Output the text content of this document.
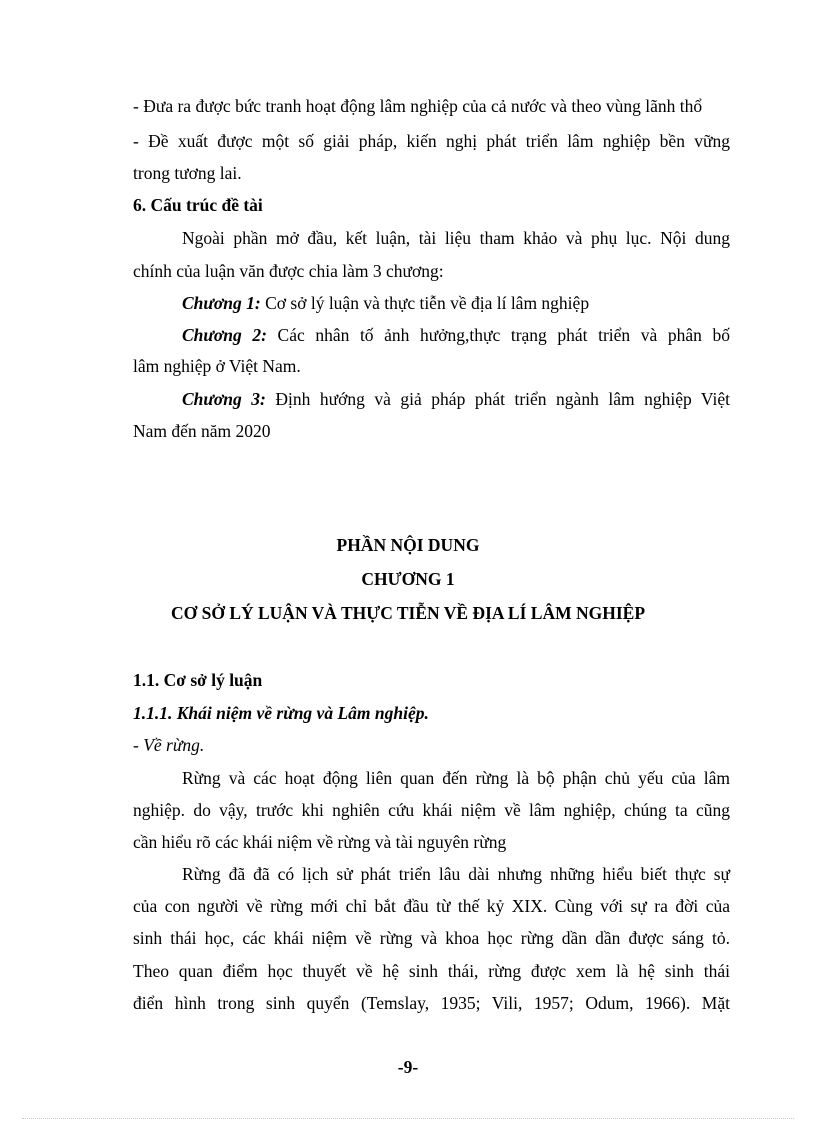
- Đưa ra được bức tranh hoạt động lâm nghiệp của cả nước và theo vùng lãnh thổ
- Đề xuất được một số giải pháp, kiến nghị phát triển lâm nghiệp bền vững
trong tương lai.
6. Cấu trúc đề tài
Ngoài phần mở đầu, kết luận, tài liệu tham khảo và phụ lục. Nội dung
chính của luận văn được chia làm 3 chương:
Chương 1: Cơ sở lý luận và thực tiễn về địa lí lâm nghiệp
Chương 2: Các nhân tố ảnh hưởng,thực trạng phát triển và phân bố
lâm nghiệp ở Việt Nam.
Chương 3: Định hướng và giả pháp phát triển ngành lâm nghiệp Việt
Nam đến năm 2020
PHẦN NỘI DUNG
CHƯƠNG 1
CƠ SỞ LÝ LUẬN VÀ THỰC TIỄN VỀ ĐỊA LÍ LÂM NGHIỆP
1.1. Cơ sở lý luận
1.1.1. Khái niệm về rừng và Lâm nghiệp.
- Về rừng.
Rừng và các hoạt động liên quan đến rừng là bộ phận chủ yếu của lâm
nghiệp. do vậy, trước khi nghiên cứu khái niệm về lâm nghiệp, chúng ta cũng
cần hiểu rõ các khái niệm về rừng và tài nguyên rừng
Rừng đã đã có lịch sử phát triển lâu dài nhưng những hiểu biết thực sự
của con người về rừng mới chỉ bắt đầu từ thế kỷ XIX. Cùng với sự ra đời của
sinh thái học, các khái niệm về rừng và khoa học rừng dần dần được sáng tỏ.
Theo quan điểm học thuyết về hệ sinh thái, rừng được xem là hệ sinh thái
điển hình trong sinh quyển (Temslay, 1935; Vili, 1957; Odum, 1966). Mặt
-9-
